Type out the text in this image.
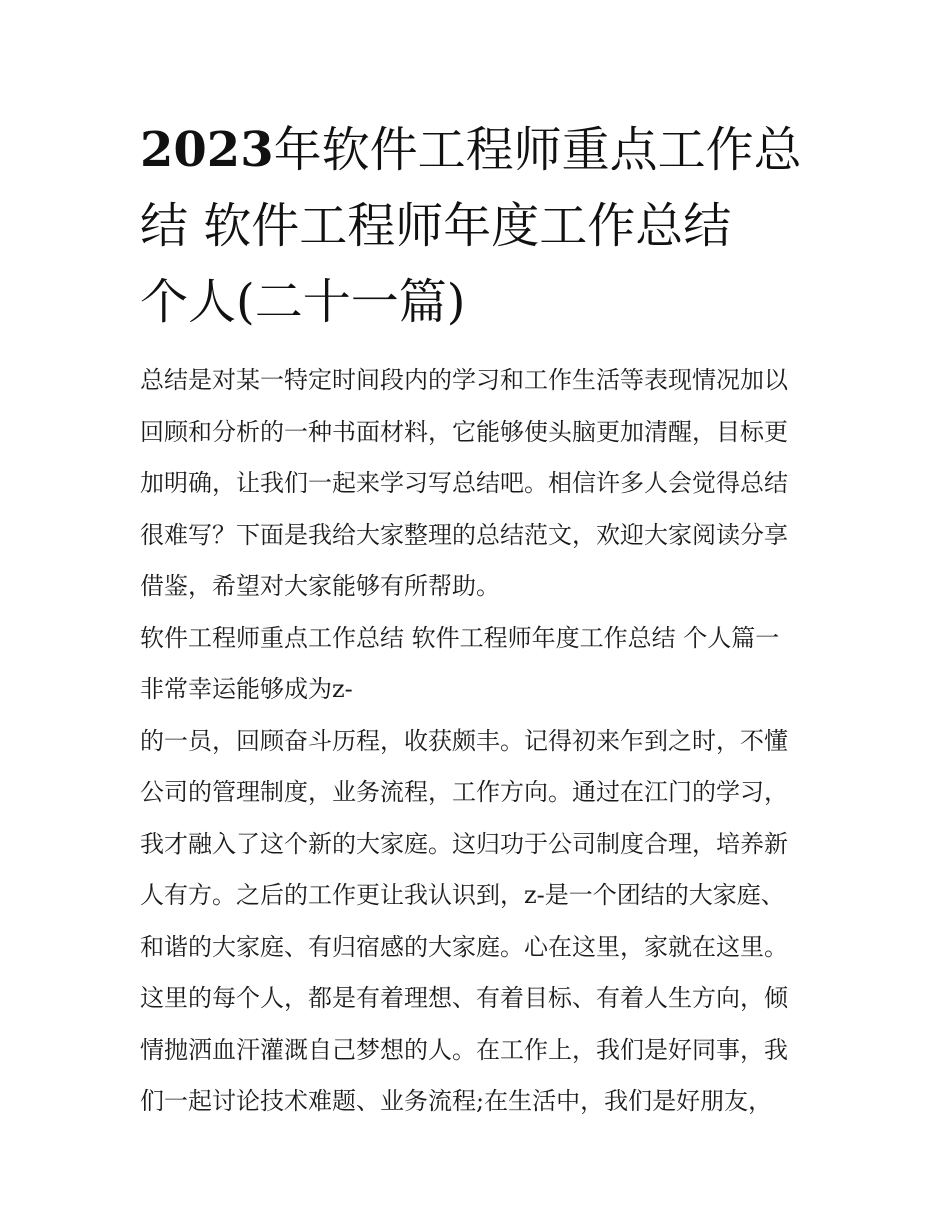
2023年软件工程师重点工作总
结 软件工程师年度工作总结
个人(二十一篇)
总结是对某一特定时间段内的学习和工作生活等表现情况加以
回顾和分析的一种书面材料，它能够使头脑更加清醒，目标更
加明确，让我们一起来学习写总结吧。相信许多人会觉得总结
很难写？下面是我给大家整理的总结范文，欢迎大家阅读分享
借鉴，希望对大家能够有所帮助。
软件工程师重点工作总结 软件工程师年度工作总结 个人篇一
非常幸运能够成为z-
的一员，回顾奋斗历程，收获颇丰。记得初来乍到之时，不懂
公司的管理制度，业务流程，工作方向。通过在江门的学习，
我才融入了这个新的大家庭。这归功于公司制度合理，培养新
人有方。之后的工作更让我认识到，z-是一个团结的大家庭、
和谐的大家庭、有归宿感的大家庭。心在这里，家就在这里。
这里的每个人，都是有着理想、有着目标、有着人生方向，倾
情抛洒血汗灌溉自己梦想的人。在工作上，我们是好同事，我
们一起讨论技术难题、业务流程;在生活中，我们是好朋友，
